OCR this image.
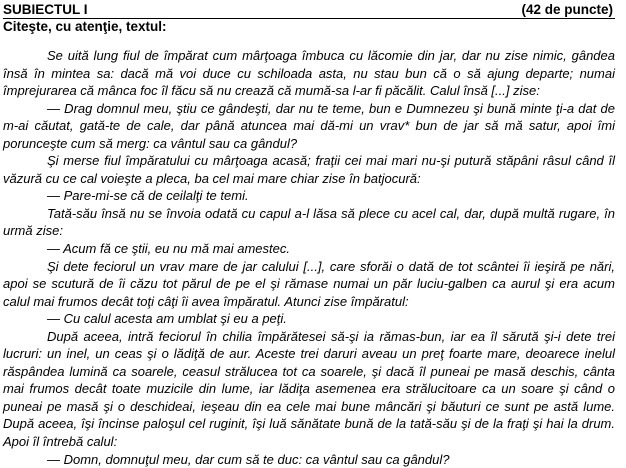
SUBIECTUL I	(42 de puncte)
Citeşte, cu atenţie, textul:

Se uită lung fiul de împărat cum mârţoaga îmbuca cu lăcomie din jar, dar nu zise nimic, gândea însă în mintea sa: dacă mă voi duce cu schiloada asta, nu stau bun că o să ajung departe; numai împrejurarea că mânca foc îl făcu să nu crează că mumă-sa l-ar fi păcălit. Calul însă [...] zise:

— Drag domnul meu, ştiu ce gândeşti, dar nu te teme, bun e Dumnezeu şi bună minte ţi-a dat de m-ai căutat, gată-te de cale, dar până atuncea mai dă-mi un vrav* bun de jar să mă satur, apoi îmi porunceşte cum să merg: ca vântul sau ca gândul?

Şi merse fiul împăratului cu mârţoaga acasă; fraţii cei mai mari nu-şi putură stăpâni râsul când îl văzură cu ce cal voieşte a pleca, ba cel mai mare chiar zise în batjocură:

— Pare-mi-se că de ceilalţi te temi.

Tată-său însă nu se învoia odată cu capul a-l lăsa să plece cu acel cal, dar, după multă rugare, în urmă zise:

— Acum fă ce ştii, eu nu mă mai amestec.

Şi dete feciorul un vrav mare de jar calului [...], care sforăi o dată de tot scântei îi ieşiră pe nări, apoi se scutură de îi căzu tot părul de pe el şi rămase numai un păr luciu-galben ca aurul şi era acum calul mai frumos decât toţi câţi îi avea împăratul. Atunci zise împăratul:

— Cu calul acesta am umblat şi eu a peţi.

După aceea, intră feciorul în chilia împărătesei să-şi ia rămas-bun, iar ea îl sărută şi-i dete trei lucruri: un inel, un ceas şi o lădiţă de aur. Aceste trei daruri aveau un preţ foarte mare, deoarece inelul răspândea lumină ca soarele, ceasul strălucea tot ca soarele, şi dacă îl puneai pe masă deschis, cânta mai frumos decât toate muzicile din lume, iar lădiţa asemenea era strălucitoare ca un soare şi când o puneai pe masă şi o deschideai, ieşeau din ea cele mai bune mâncări şi băuturi ce sunt pe astă lume. După aceea, îşi încinse paloşul cel ruginit, îşi luă sănătate bună de la tată-său şi de la fraţi şi hai la drum. Apoi îl întrebă calul:

— Domn, domnuţul meu, dar cum să te duc: ca vântul sau ca gândul?
